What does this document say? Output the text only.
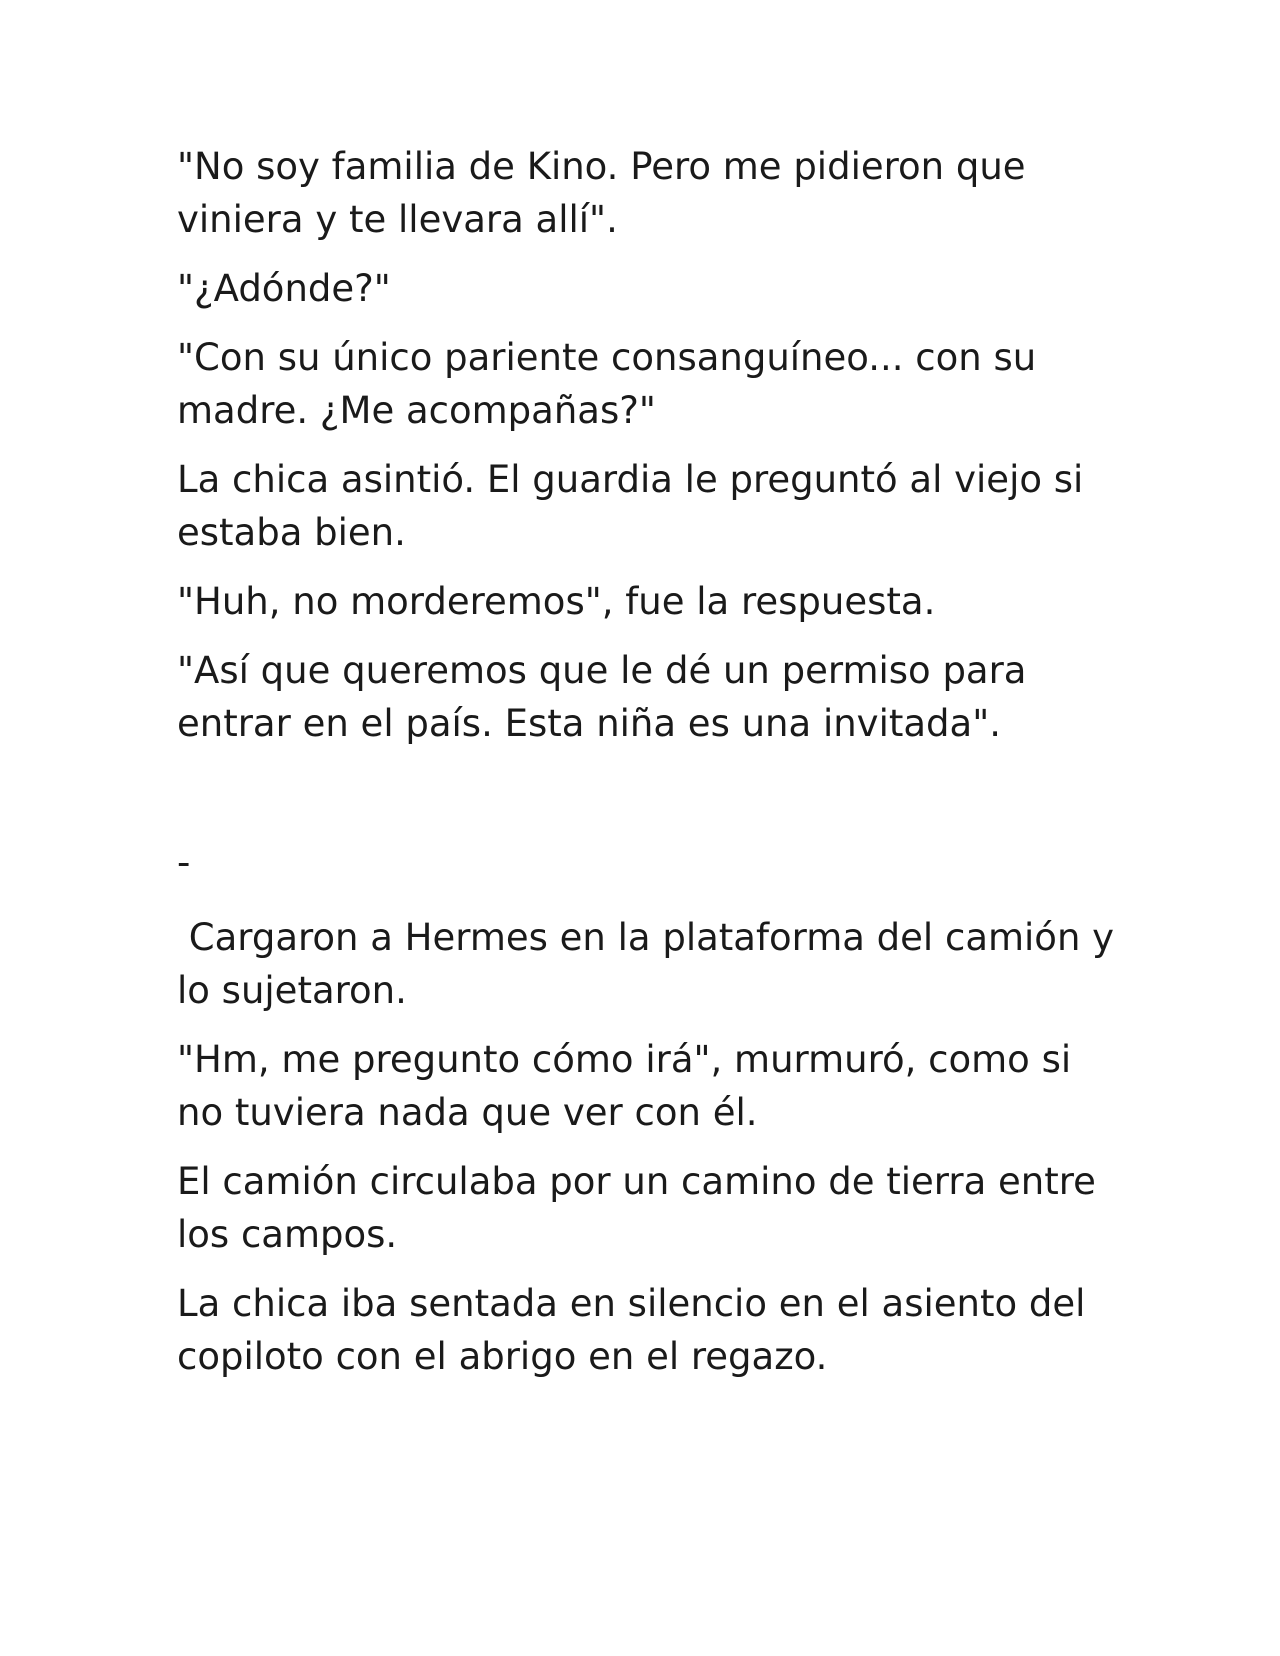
"No soy familia de Kino. Pero me pidieron que viniera y te llevara allí".

"¿Adónde?"

"Con su único pariente consanguíneo... con su madre. ¿Me acompañas?"

La chica asintió. El guardia le preguntó al viejo si estaba bien.

"Huh, no morderemos", fue la respuesta.

"Así que queremos que le dé un permiso para entrar en el país. Esta niña es una invitada".

-

Cargaron a Hermes en la plataforma del camión y lo sujetaron.

"Hm, me pregunto cómo irá", murmuró, como si no tuviera nada que ver con él.

El camión circulaba por un camino de tierra entre los campos.

La chica iba sentada en silencio en el asiento del copiloto con el abrigo en el regazo.
